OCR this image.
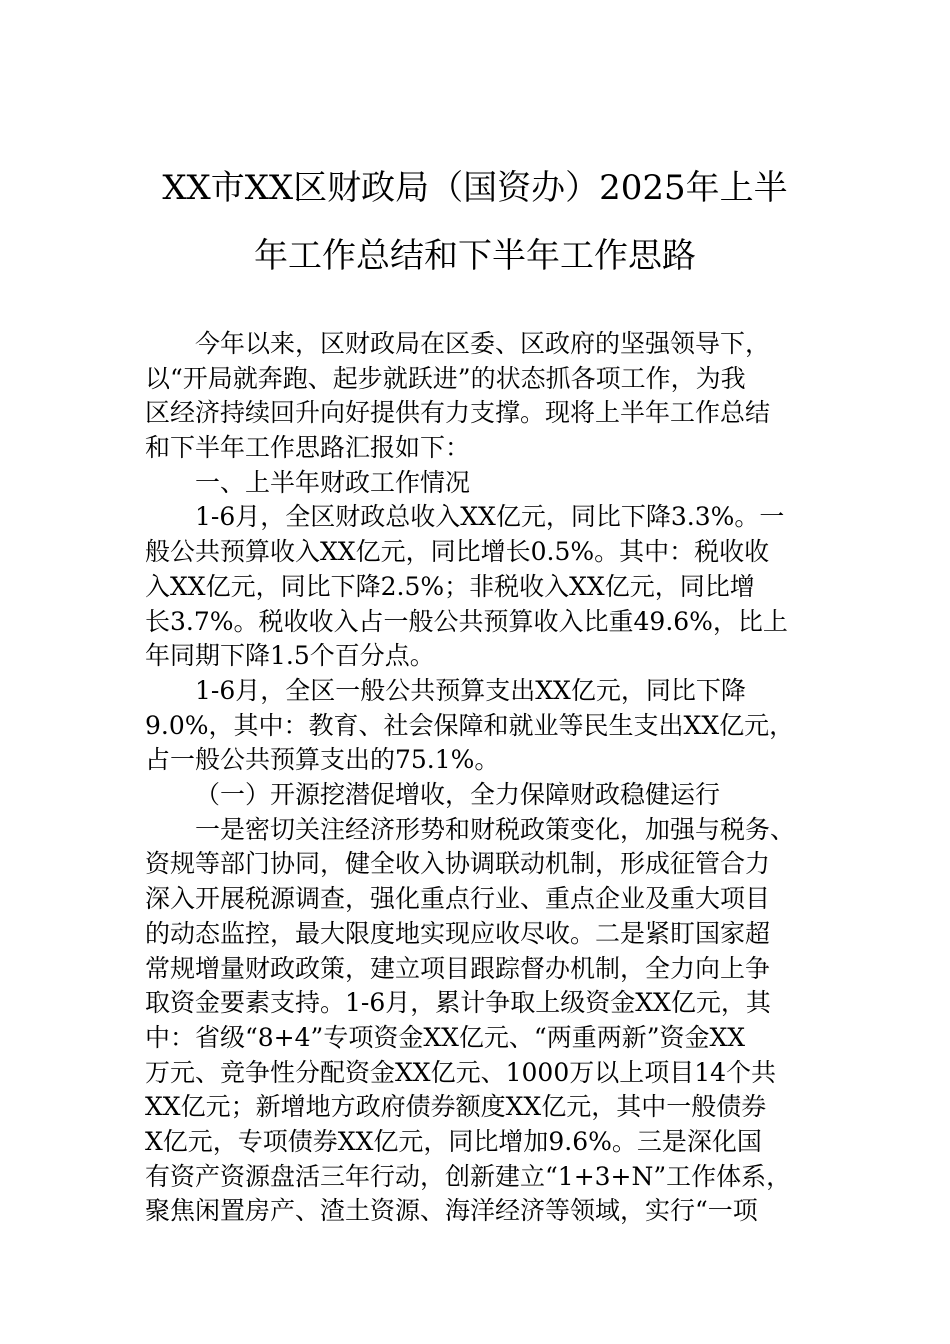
XX市XX区财政局（国资办）2025年上半
年工作总结和下半年工作思路
今年以来，区财政局在区委、区政府的坚强领导下，
以“开局就奔跑、起步就跃进”的状态抓各项工作，为我
区经济持续回升向好提供有力支撑。现将上半年工作总结
和下半年工作思路汇报如下：
一、上半年财政工作情况
1-6月，全区财政总收入XX亿元，同比下降3.3%。一
般公共预算收入XX亿元，同比增长0.5%。其中：税收收
入XX亿元，同比下降2.5%；非税收入XX亿元，同比增
长3.7%。税收收入占一般公共预算收入比重49.6%，比上
年同期下降1.5个百分点。
1-6月，全区一般公共预算支出XX亿元，同比下降
9.0%，其中：教育、社会保障和就业等民生支出XX亿元，
占一般公共预算支出的75.1%。
（一）开源挖潜促增收，全力保障财政稳健运行
一是密切关注经济形势和财税政策变化，加强与税务、
资规等部门协同，健全收入协调联动机制，形成征管合力
深入开展税源调查，强化重点行业、重点企业及重大项目
的动态监控，最大限度地实现应收尽收。二是紧盯国家超
常规增量财政政策，建立项目跟踪督办机制，全力向上争
取资金要素支持。1-6月，累计争取上级资金XX亿元，其
中：省级“8+4”专项资金XX亿元、“两重两新”资金XX
万元、竞争性分配资金XX亿元、1000万以上项目14个共
XX亿元；新增地方政府债券额度XX亿元，其中一般债券
X亿元，专项债券XX亿元，同比增加9.6%。三是深化国
有资产资源盘活三年行动，创新建立“1+3+N”工作体系，
聚焦闲置房产、渣土资源、海洋经济等领域，实行“一项
